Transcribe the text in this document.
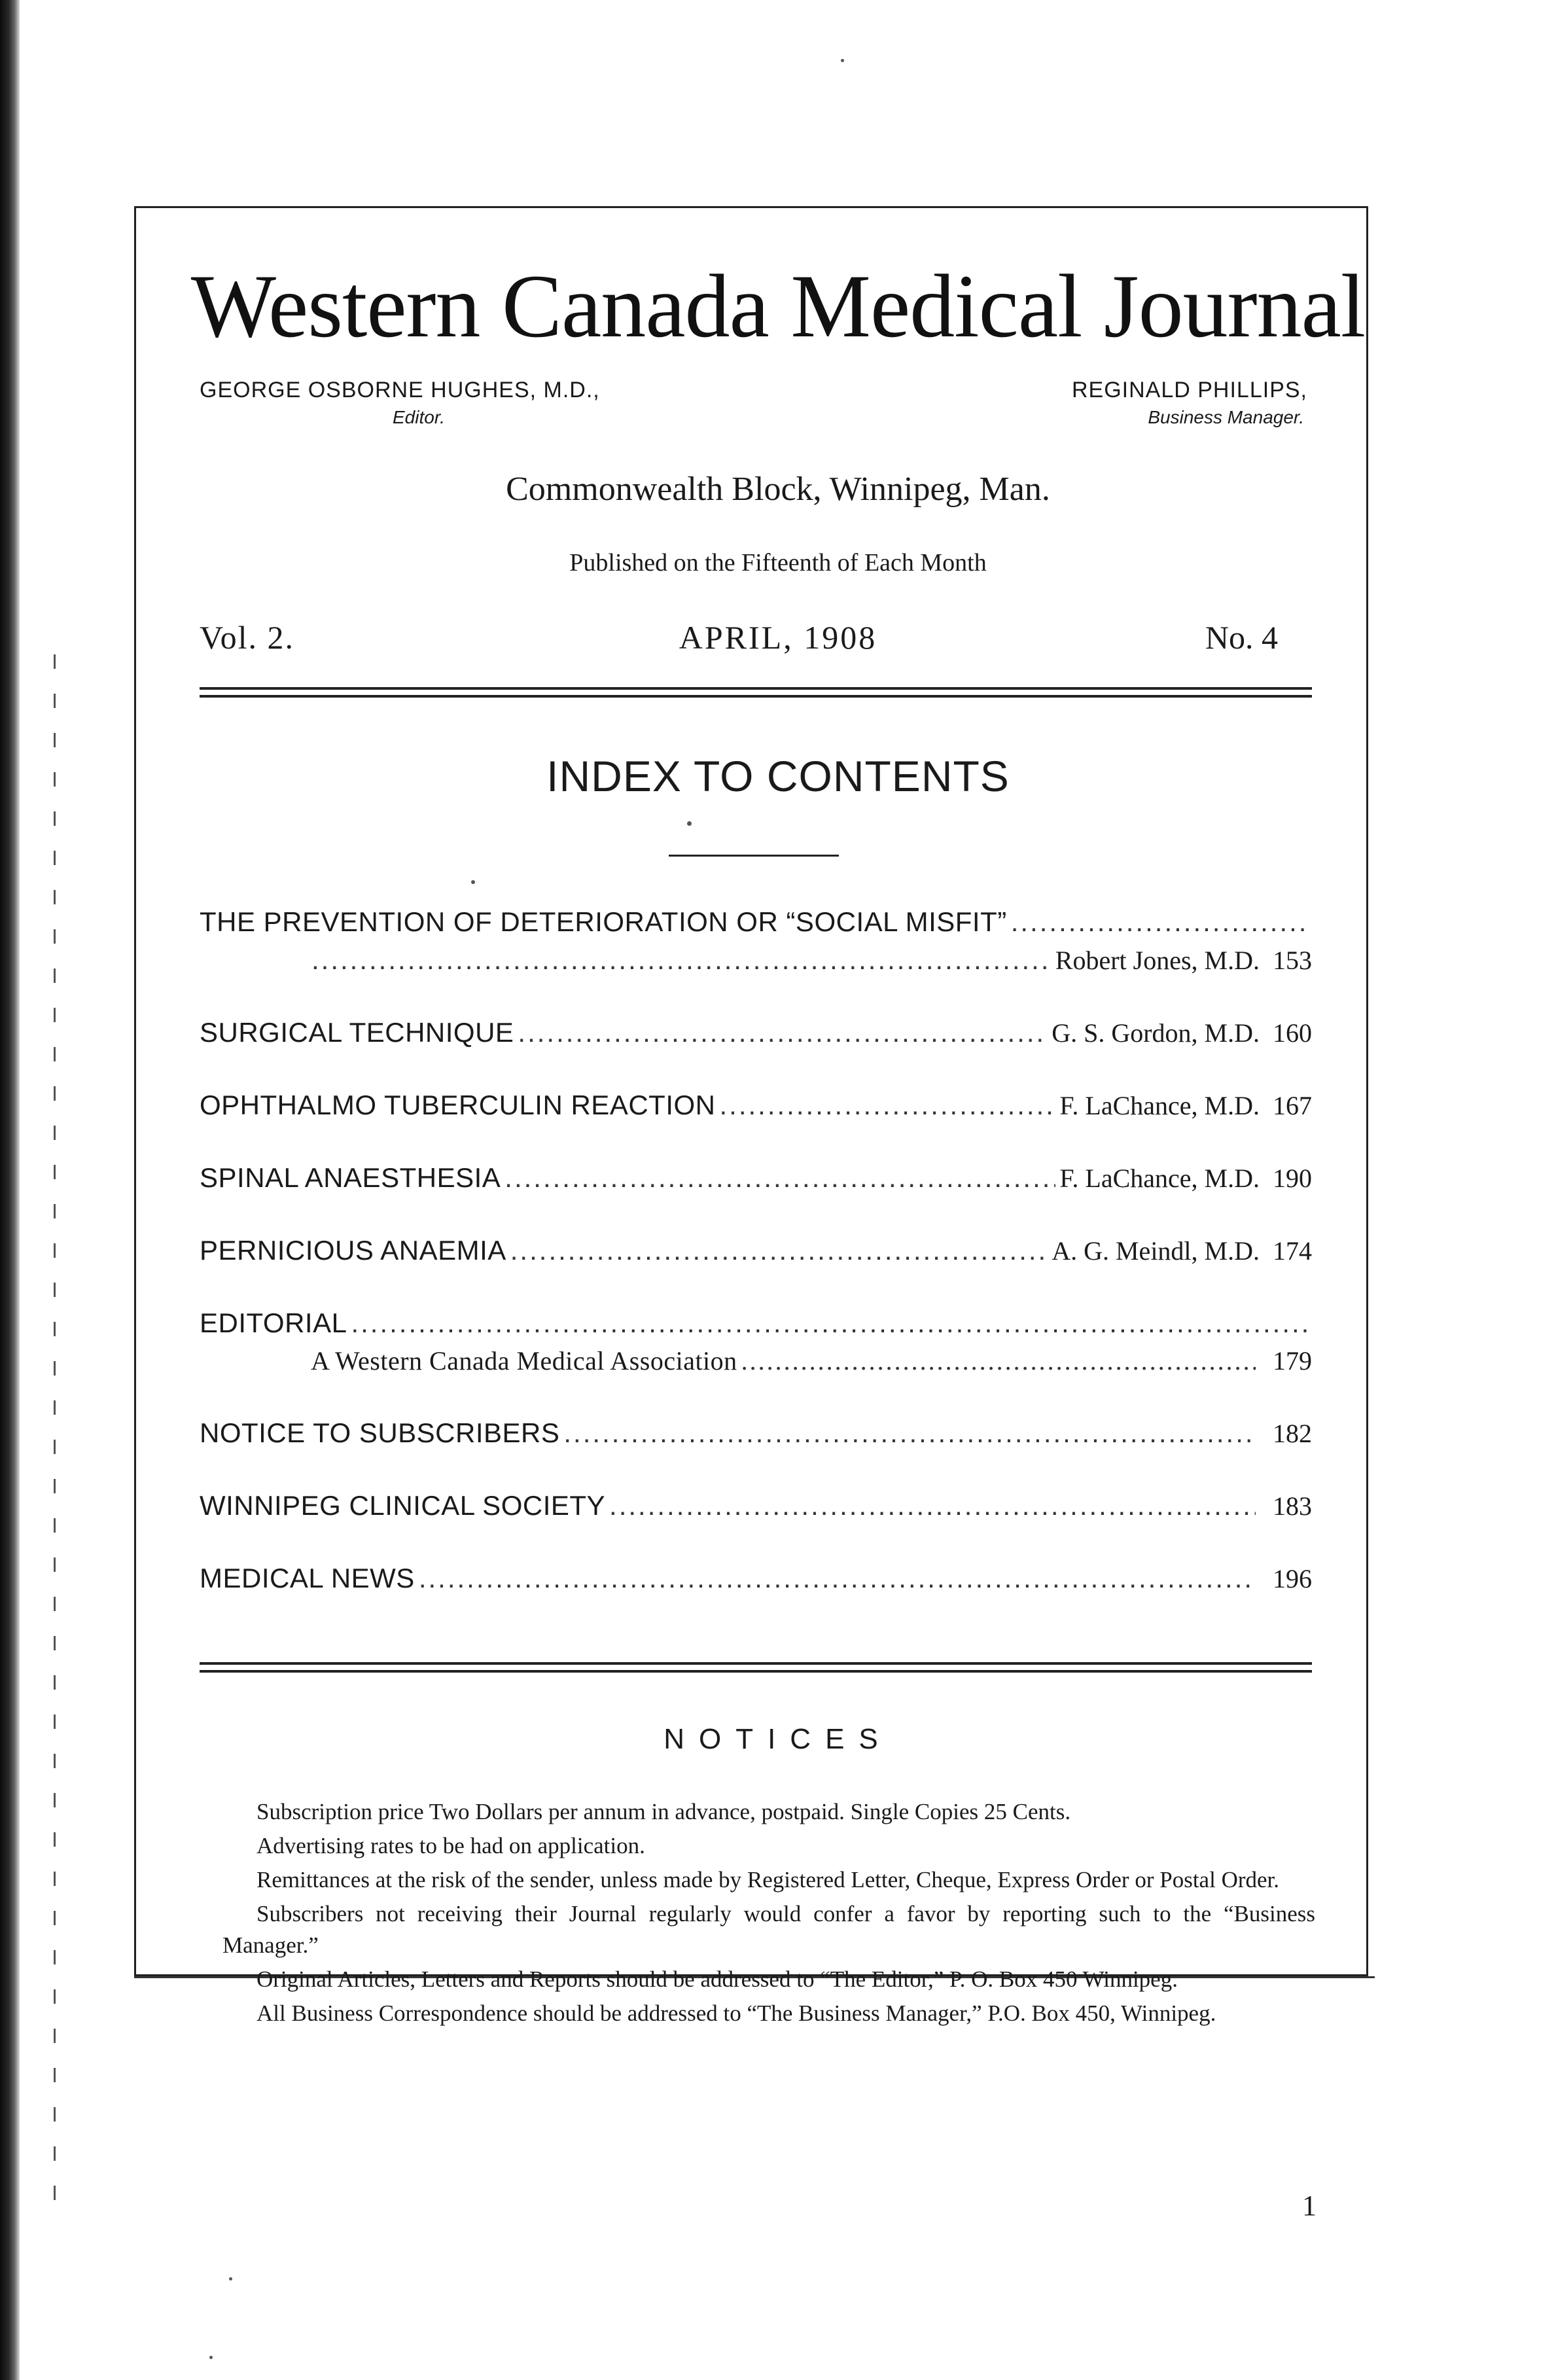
Western Canada Medical Journal
GEORGE OSBORNE HUGHES, M.D.,
Editor.
REGINALD PHILLIPS,
Business Manager.
Commonwealth Block, Winnipeg, Man.
Published on the Fifteenth of Each Month
Vol. 2.	APRIL, 1908	No. 4
INDEX TO CONTENTS
THE PREVENTION OF DETERIORATION OR “SOCIAL MISFIT”
.....
.....
Robert Jones, M.D. 153
SURGICAL TECHNIQUE .....	G. S. Gordon, M.D. 160
OPHTHALMO TUBERCULIN REACTION .....	F. LaChance, M.D. 167
SPINAL ANAESTHESIA .....	F. LaChance, M.D. 190
PERNICIOUS ANAEMIA .....	A. G. Meindl, M.D. 174
EDITORIAL
.....
A Western Canada Medical Association .....	179
NOTICE TO SUBSCRIBERS .....	182
WINNIPEG CLINICAL SOCIETY .....	183
MEDICAL NEWS .....	196
NOTICES

Subscription price Two Dollars per annum in advance, postpaid. Single Copies 25 Cents.

Advertising rates to be had on application.

Remittances at the risk of the sender, unless made by Registered Letter, Cheque, Express Order or Postal Order.

Subscribers not receiving their Journal regularly would confer a favor by reporting such to the “Business Manager.”

Original Articles, Letters and Reports should be addressed to “The Editor,” P. O. Box 450 Winnipeg.

All Business Correspondence should be addressed to “The Business Manager,” P.O. Box 450, Winnipeg.

1
